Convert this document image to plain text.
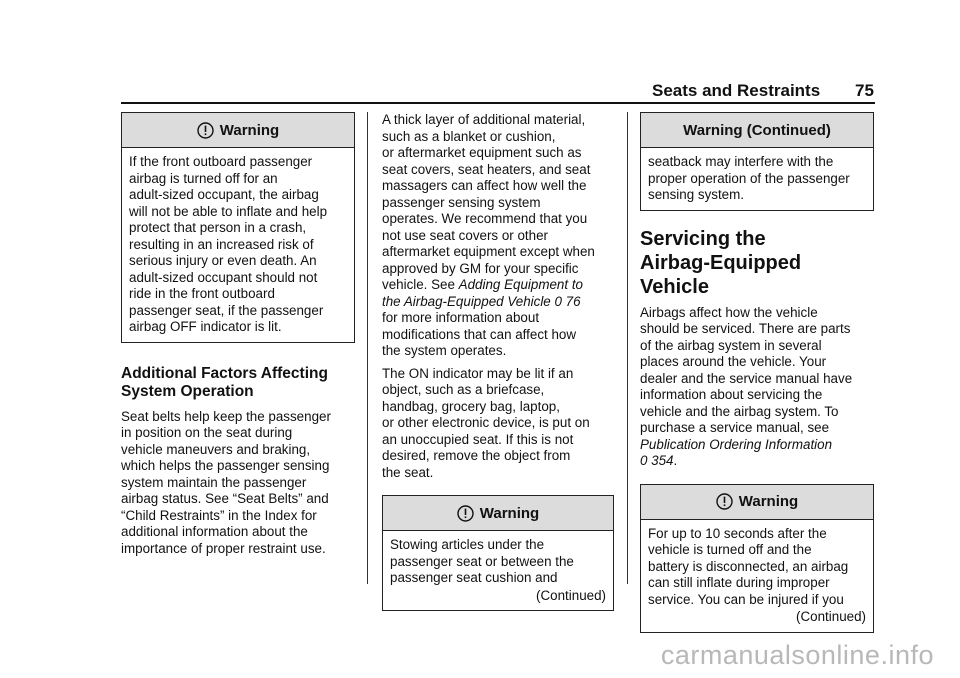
Seats and Restraints 75
Warning

If the front outboard passenger

airbag is turned off for an

adult-sized occupant, the airbag

will not be able to inflate and help

protect that person in a crash,

resulting in an increased risk of

serious injury or even death. An

adult-sized occupant should not

ride in the front outboard

passenger seat, if the passenger

airbag OFF indicator is lit.

Additional Factors Affecting

System Operation

Seat belts help keep the passenger

in position on the seat during

vehicle maneuvers and braking,

which helps the passenger sensing

system maintain the passenger

airbag status. See “Seat Belts” and

“Child Restraints” in the Index for

additional information about the

importance of proper restraint use.

A thick layer of additional material,

such as a blanket or cushion,

or aftermarket equipment such as

seat covers, seat heaters, and seat

massagers can affect how well the

passenger sensing system

operates. We recommend that you

not use seat covers or other

aftermarket equipment except when

approved by GM for your specific

vehicle. See Adding Equipment to

the Airbag-Equipped Vehicle 0 76

for more information about

modifications that can affect how

the system operates.

The ON indicator may be lit if an

object, such as a briefcase,

handbag, grocery bag, laptop,

or other electronic device, is put on

an unoccupied seat. If this is not

desired, remove the object from

the seat.

Warning

Stowing articles under the

passenger seat or between the

passenger seat cushion and

(Continued)
Warning (Continued)

seatback may interfere with the

proper operation of the passenger

sensing system.

Servicing the

Airbag-Equipped Vehicle

Airbags affect how the vehicle

should be serviced. There are parts

of the airbag system in several

places around the vehicle. Your

dealer and the service manual have

information about servicing the

vehicle and the airbag system. To

purchase a service manual, see

Publication Ordering Information

0 354.

Warning

For up to 10 seconds after the

vehicle is turned off and the

battery is disconnected, an airbag

can still inflate during improper

service. You can be injured if you

(Continued)
carmanualsonline.info
